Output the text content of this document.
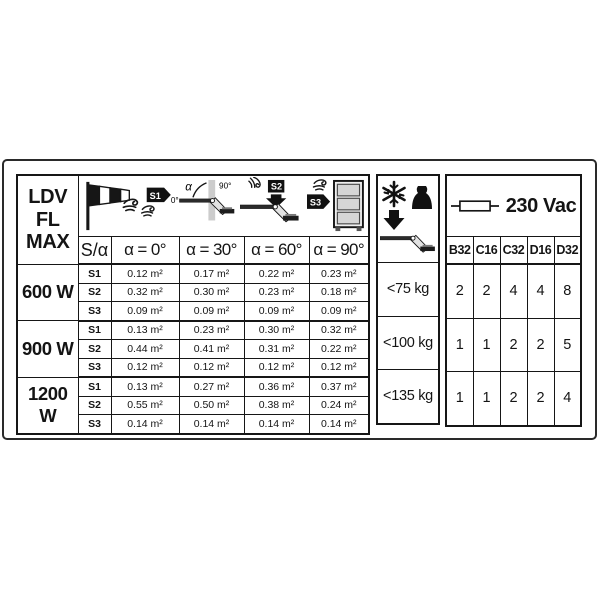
LDV
FL
MAX

90°
α
S1 0°
S2
S3

	S/α	α = 0°	α = 30°	α = 60°	α = 90°
600 W	S1	0.12 m²	0.17 m²	0.22 m²	0.23 m²
	S2	0.32 m²	0.30 m²	0.23 m²	0.18 m²
	S3	0.09 m²	0.09 m²	0.09 m²	0.09 m²
900 W	S1	0.13 m²	0.23 m²	0.30 m²	0.32 m²
	S2	0.44 m²	0.41 m²	0.31 m²	0.22 m²
	S3	0.12 m²	0.12 m²	0.12 m²	0.12 m²
1200 W	S1	0.13 m²	0.27 m²	0.36 m²	0.37 m²
	S2	0.55 m²	0.50 m²	0.38 m²	0.24 m²
	S3	0.14 m²	0.14 m²	0.14 m²	0.14 m²

<75 kg
<100 kg
<135 kg
230 Vac				

B32	C16	C32	D16	D32
2	2	4	4	8
1	1	2	2	5
1	1	2	2	4
